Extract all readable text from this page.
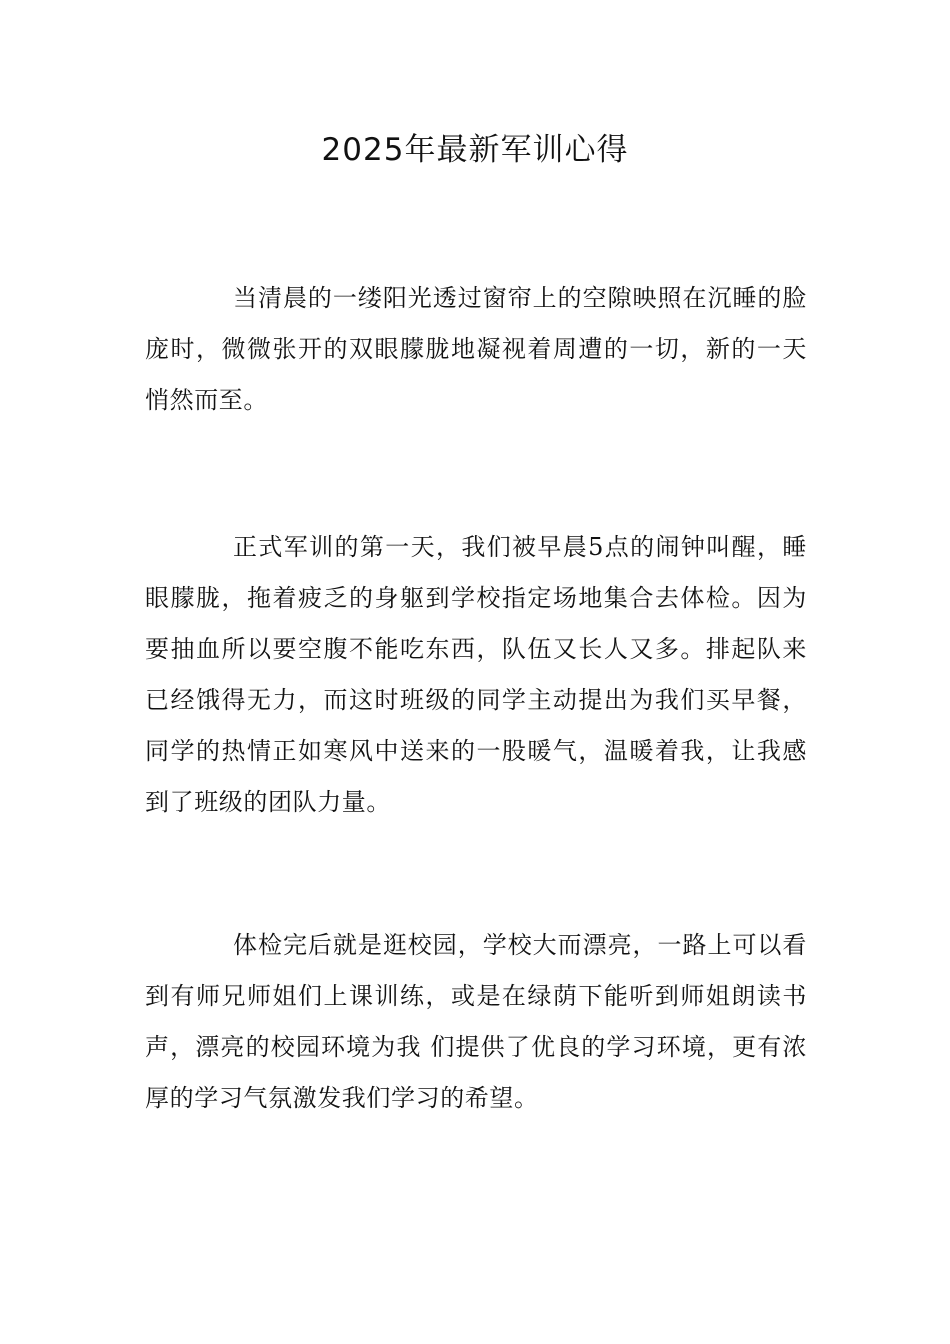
2025年最新军训心得

当清晨的一缕阳光透过窗帘上的空隙映照在沉睡的脸庞时，微微张开的双眼朦胧地凝视着周遭的一切，新的一天悄然而至。

正式军训的第一天，我们被早晨5点的闹钟叫醒，睡眼朦胧，拖着疲乏的身躯到学校指定场地集合去体检。因为要抽血所以要空腹不能吃东西，队伍又长人又多。排起队来已经饿得无力，而这时班级的同学主动提出为我们买早餐，同学的热情正如寒风中送来的一股暖气，温暖着我，让我感到了班级的团队力量。

体检完后就是逛校园，学校大而漂亮，一路上可以看到有师兄师姐们上课训练，或是在绿荫下能听到师姐朗读书声，漂亮的校园环境为我 们提供了优良的学习环境，更有浓厚的学习气氛激发我们学习的希望。
